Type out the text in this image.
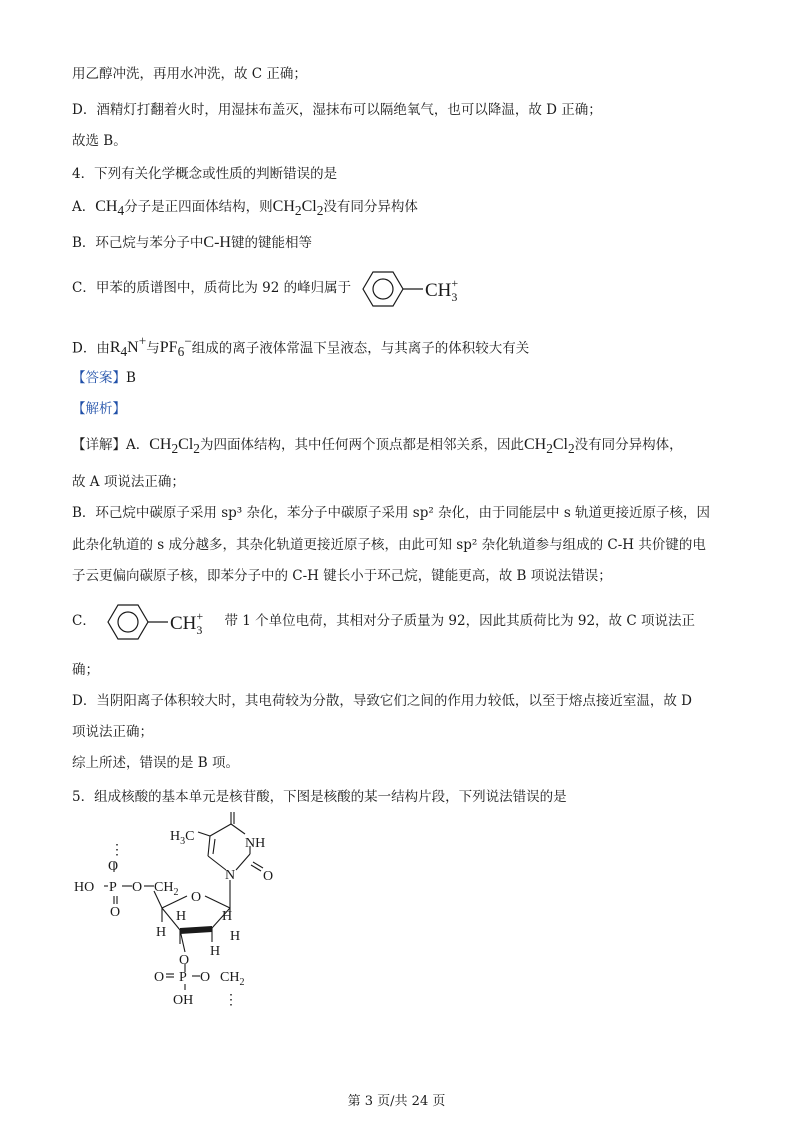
用乙醇冲洗，再用水冲洗，故 C 正确；
D．酒精灯打翻着火时，用湿抹布盖灭，湿抹布可以隔绝氧气，也可以降温，故 D 正确；
故选 B。
4．下列有关化学概念或性质的判断错误的是
A．$CH_4$分子是正四面体结构，则$CH_2Cl_2$没有同分异构体
B．环己烷与苯分子中C-H键的键能相等
C．甲苯的质谱图中，质荷比为 92 的峰归属于	$CH_3+$
D．由$R_4N^+$与$PF_6^-$组成的离子液体常温下呈液态，与其离子的体积较大有关
【答案】B
【解析】
【详解】A．$CH_2Cl_2$为四面体结构，其中任何两个顶点都是相邻关系，因此$CH_2Cl_2$没有同分异构体，
故 A 项说法正确；
B．环己烷中碳原子采用 sp³ 杂化，苯分子中碳原子采用 sp² 杂化，由于同能层中 s 轨道更接近原子核，因
此杂化轨道的 s 成分越多，其杂化轨道更接近原子核，由此可知 sp² 杂化轨道参与组成的 C-H 共价键的电
子云更偏向碳原子核，即苯分子中的 C-H 键长小于环己烷，键能更高，故 B 项说法错误；
C．	$CH_3+$ 带 1 个单位电荷，其相对分子质量为 92，因此其质荷比为 92，故 C 项说法正
确；
D．当阴阳离子体积较大时，其电荷较为分散，导致它们之间的作用力较低，以至于熔点接近室温，故 D
项说法正确；
综上所述，错误的是 B 项。
5．组成核酸的基本单元是核苷酸，下图是核酸的某一结构片段，下列说法错误的是
$H_3C$	NH
N O
O
⋮
O
HO P O $CH_2$
O	H	H
H	H
H
O
O P O $CH_2$
OH ⋮
第 3 页/共 24 页
